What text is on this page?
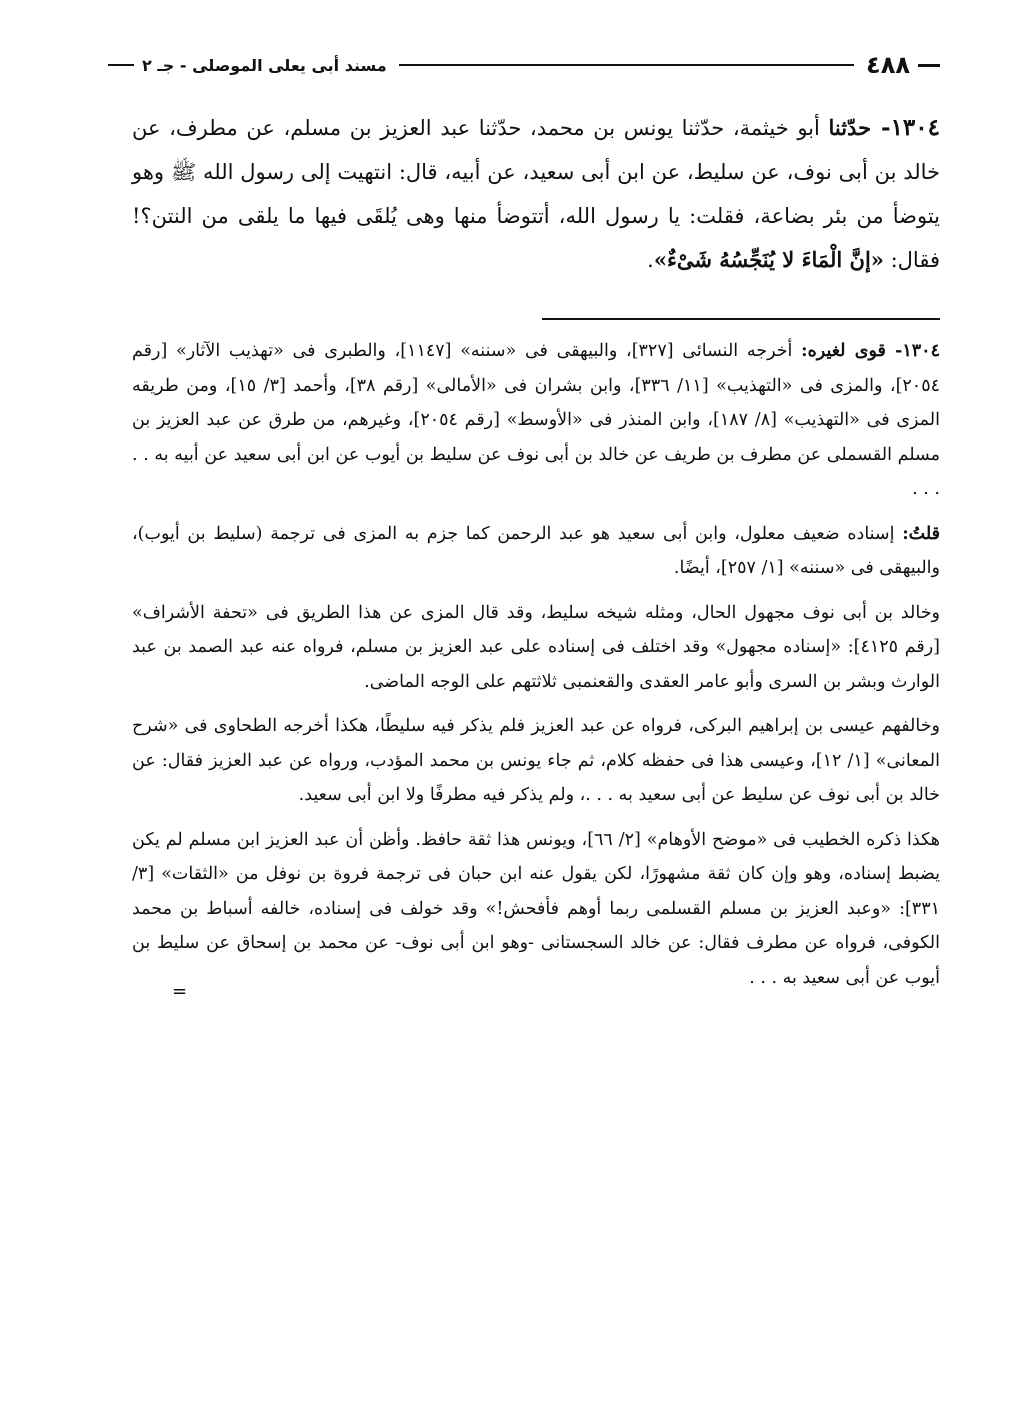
٤٨٨
مسند أبى يعلى الموصلى - جـ ٢
١٣٠٤- حدّثنا أبو خيثمة، حدّثنا يونس بن محمد، حدّثنا عبد العزيز بن مسلم، عن مطرف، عن خالد بن أبى نوف، عن سليط، عن ابن أبى سعيد، عن أبيه، قال: انتهيت إلى رسول الله ﷺ وهو يتوضأ من بئر بضاعة، فقلت: يا رسول الله، أتتوضأ منها وهى يُلقَى فيها ما يلقى من النتن؟! فقال: «إنَّ الْمَاءَ لا يُنَجِّسُهُ شَىْءٌ».

١٣٠٤- قوى لغيره: أخرجه النسائى [٣٢٧]، والبيهقى فى «سننه» [١١٤٧]، والطبرى فى «تهذيب الآثار» [رقم ٢٠٥٤]، والمزى فى «التهذيب» [١١/ ٣٣٦]، وابن بشران فى «الأمالى» [رقم ٣٨]، وأحمد [٣/ ١٥]، ومن طريقه المزى فى «التهذيب» [٨/ ١٨٧]، وابن المنذر فى «الأوسط» [رقم ٢٠٥٤]، وغيرهم، من طرق عن عبد العزيز بن مسلم القسملى عن مطرف بن طريف عن خالد بن أبى نوف عن سليط بن أيوب عن ابن أبى سعيد عن أبيه به . . . . .

قلتُ: إسناده ضعيف معلول، وابن أبى سعيد هو عبد الرحمن كما جزم به المزى فى ترجمة (سليط بن أيوب)، والبيهقى فى «سننه» [١/ ٢٥٧]، أيضًا.

وخالد بن أبى نوف مجهول الحال، ومثله شيخه سليط، وقد قال المزى عن هذا الطريق فى «تحفة الأشراف» [رقم ٤١٢٥]: «إسناده مجهول» وقد اختلف فى إسناده على عبد العزيز بن مسلم، فرواه عنه عبد الصمد بن عبد الوارث وبشر بن السرى وأبو عامر العقدى والقعنمبى ثلاثتهم على الوجه الماضى.

وخالفهم عيسى بن إبراهيم البركى، فرواه عن عبد العزيز فلم يذكر فيه سليطًا، هكذا أخرجه الطحاوى فى «شرح المعانى» [١/ ١٢]، وعيسى هذا فى حفظه كلام، ثم جاء يونس بن محمد المؤدب، ورواه عن عبد العزيز فقال: عن خالد بن أبى نوف عن سليط عن أبى سعيد به . . .، ولم يذكر فيه مطرفًا ولا ابن أبى سعيد.

هكذا ذكره الخطيب فى «موضح الأوهام» [٢/ ٦٦]، ويونس هذا ثقة حافظ. وأظن أن عبد العزيز ابن مسلم لم يكن يضبط إسناده، وهو وإن كان ثقة مشهورًا، لكن يقول عنه ابن حبان فى ترجمة فروة بن نوفل من «الثقات» [٣/ ٣٣١]: «وعبد العزيز بن مسلم القسلمى ربما أوهم فأفحش!» وقد خولف فى إسناده، خالفه أسباط بن محمد الكوفى، فرواه عن مطرف فقال: عن خالد السجستانى -وهو ابن أبى نوف- عن محمد بن إسحاق عن سليط بن أيوب عن أبى سعيد به . . .

=
